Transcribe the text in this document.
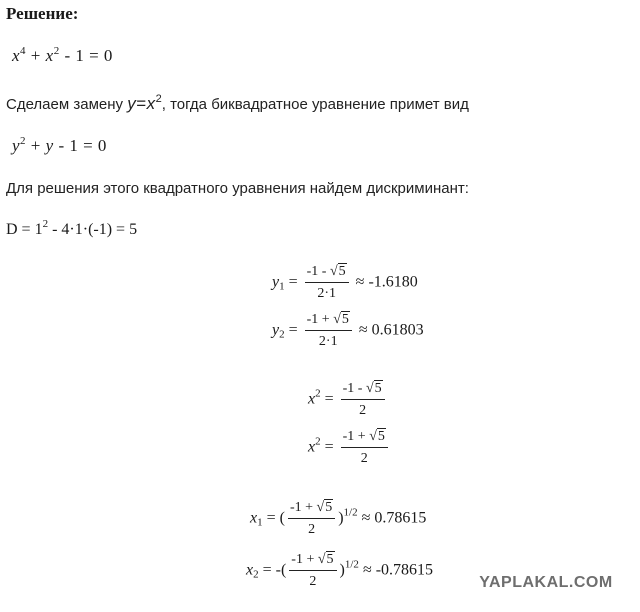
Решение:
$x^4 + x^2 - 1 = 0$
Сделаем замену $y=x^2$, тогда биквадратное уравнение примет вид
$y^2 + y - 1 = 0$
Для решения этого квадратного уравнения найдем дискриминант:
$D = 1^2 - 4\cdot 1\cdot(-1) = 5$
$y_1 = \frac{-1 - √5}{2\cdot 1} \approx -1.6180$
$y_2 = \frac{-1 + √5}{2\cdot 1} \approx 0.61803$
$x^2 = \frac{-1 - √5}{2}$
$x^2 = \frac{-1 + √5}{2}$
$x_1$ = ( $\frac{-1 + √5}{2} )^{1/2} \approx 0.78615$
$x_2$ = -( $\frac{-1 + √5}{2} )^{1/2} \approx -0.78615$
YAPLAKAL.COM
